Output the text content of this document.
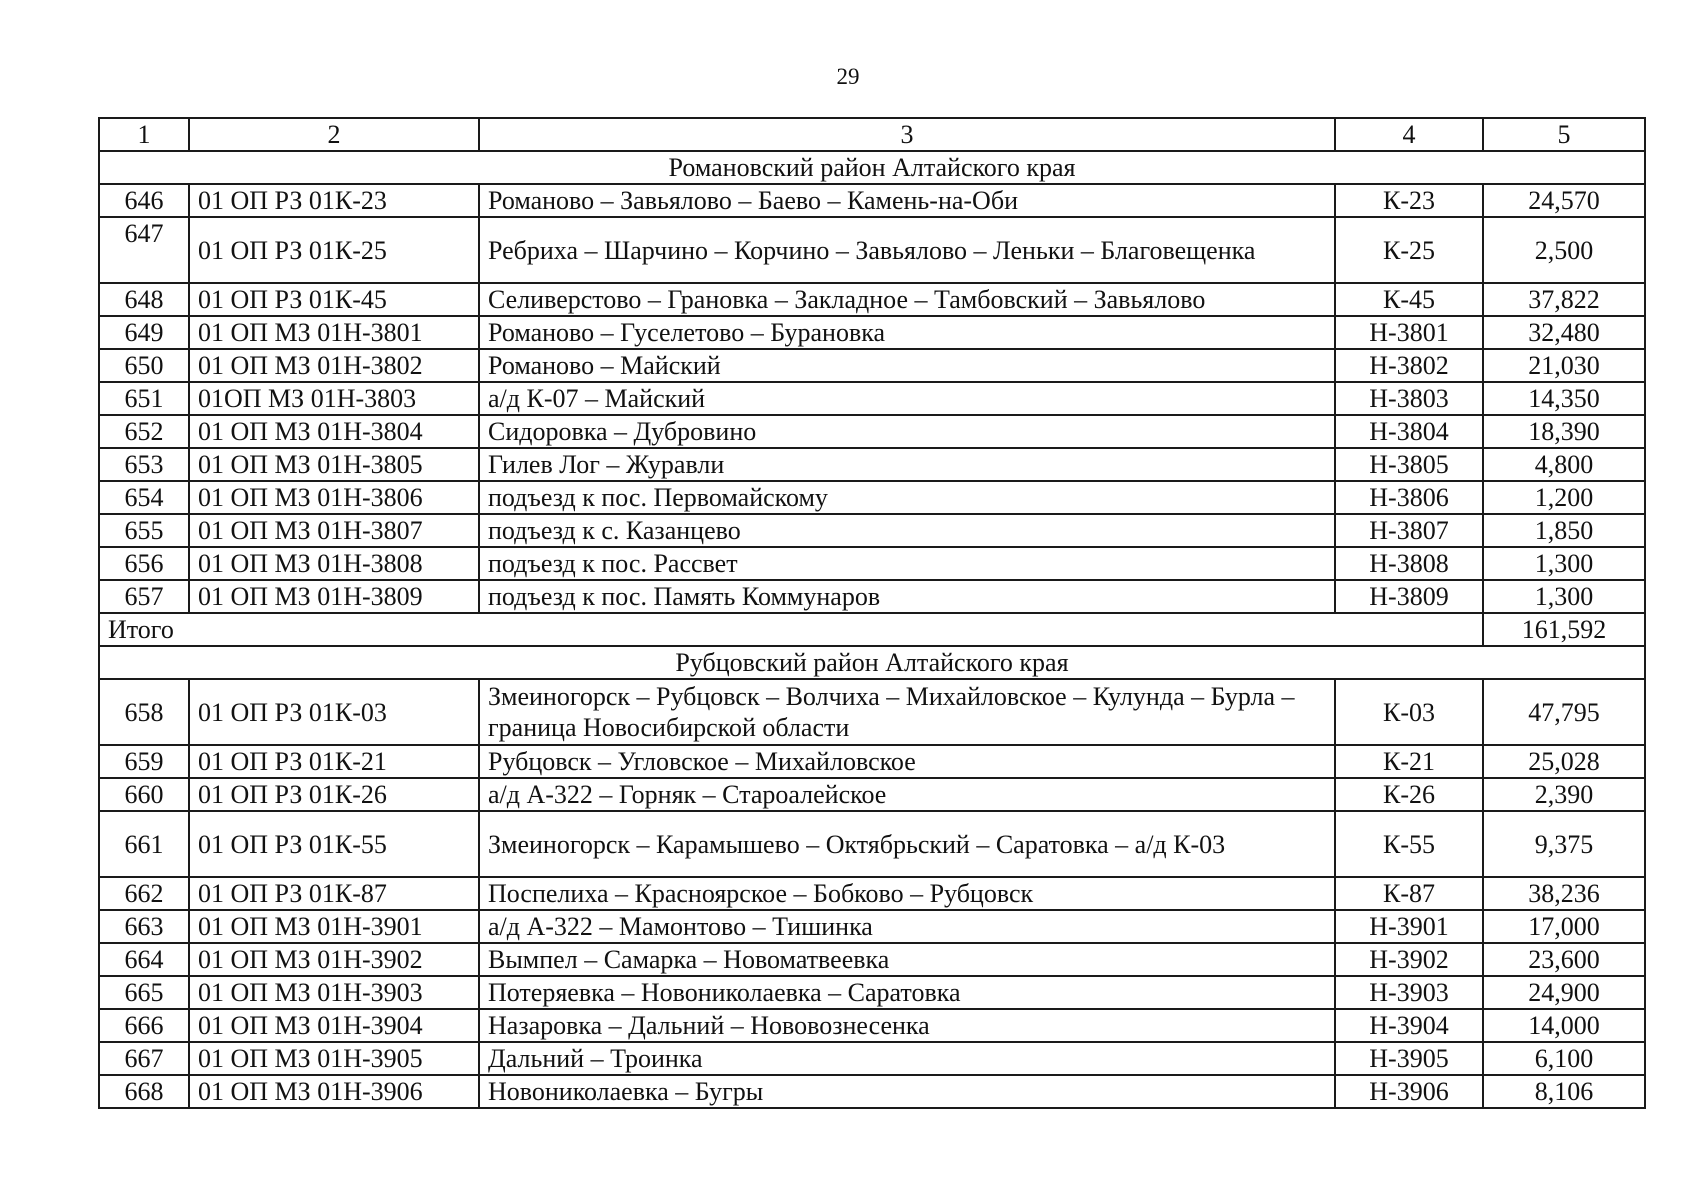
29
1	2	3	4	5
Романовский район Алтайского края				
646	01 ОП РЗ 01К-23	Романово – Завьялово – Баево – Камень-на-Оби	К-23	24,570
647	01 ОП РЗ 01К-25	Ребриха – Шарчино – Корчино – Завьялово – Леньки – Благовещенка	К-25	2,500
648	01 ОП РЗ 01К-45	Селиверстово – Грановка – Закладное – Тамбовский – Завьялово	К-45	37,822
649	01 ОП МЗ 01Н-3801	Романово – Гуселетово – Бурановка	Н-3801	32,480
650	01 ОП МЗ 01Н-3802	Романово – Майский	Н-3802	21,030
651	01ОП МЗ 01Н-3803	а/д К-07 – Майский	Н-3803	14,350
652	01 ОП МЗ 01Н-3804	Сидоровка – Дубровино	Н-3804	18,390
653	01 ОП МЗ 01Н-3805	Гилев Лог – Журавли	Н-3805	4,800
654	01 ОП МЗ 01Н-3806	подъезд к пос. Первомайскому	Н-3806	1,200
655	01 ОП МЗ 01Н-3807	подъезд к с. Казанцево	Н-3807	1,850
656	01 ОП МЗ 01Н-3808	подъезд к пос. Рассвет	Н-3808	1,300
657	01 ОП МЗ 01Н-3809	подъезд к пос. Память Коммунаров	Н-3809	1,300
Итого				161,592
Рубцовский район Алтайского края				
658	01 ОП РЗ 01К-03	Змеиногорск – Рубцовск – Волчиха – Михайловское – Кулунда – Бурла – граница Новосибирской области	К-03	47,795
659	01 ОП РЗ 01К-21	Рубцовск – Угловское – Михайловское	К-21	25,028
660	01 ОП РЗ 01К-26	а/д А-322 – Горняк – Староалейское	К-26	2,390
661	01 ОП РЗ 01К-55	Змеиногорск – Карамышево – Октябрьский – Саратовка – а/д К-03	К-55	9,375
662	01 ОП РЗ 01К-87	Поспелиха – Красноярское – Бобково – Рубцовск	К-87	38,236
663	01 ОП МЗ 01Н-3901	а/д А-322 – Мамонтово – Тишинка	Н-3901	17,000
664	01 ОП МЗ 01Н-3902	Вымпел – Самарка – Новоматвеевка	Н-3902	23,600
665	01 ОП МЗ 01Н-3903	Потеряевка – Новониколаевка – Саратовка	Н-3903	24,900
666	01 ОП МЗ 01Н-3904	Назаровка – Дальний – Нововознесенка	Н-3904	14,000
667	01 ОП МЗ 01Н-3905	Дальний – Троинка	Н-3905	6,100
668	01 ОП МЗ 01Н-3906	Новониколаевка – Бугры	Н-3906	8,106
